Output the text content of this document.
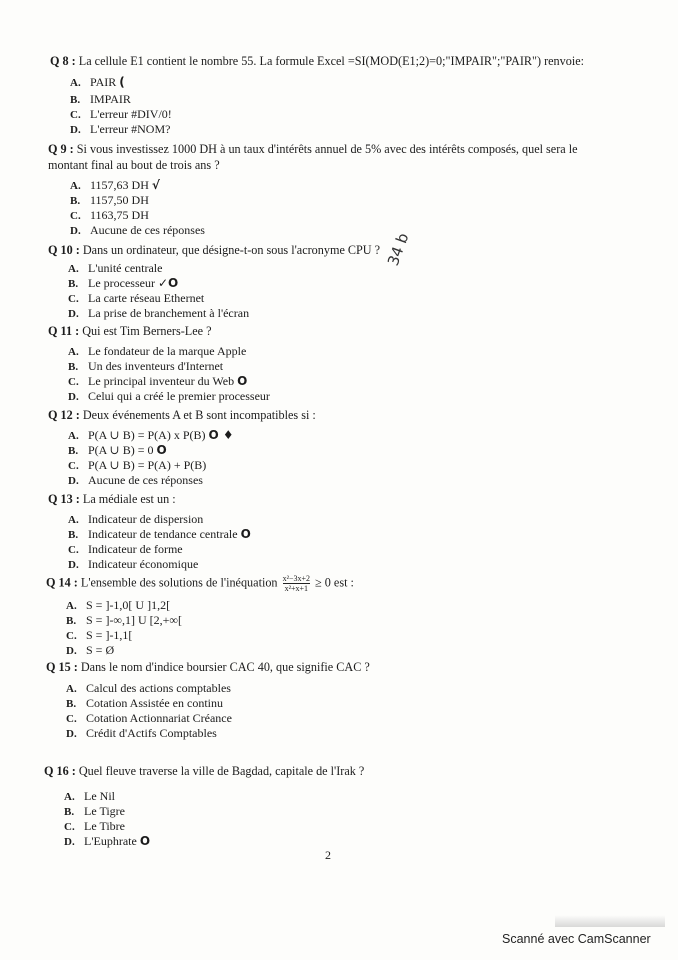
Q 8 : La cellule E1 contient le nombre 55. La formule Excel =SI(MOD(E1;2)=0;"IMPAIR";"PAIR") renvoie:
A. PAIR (
B. IMPAIR
C. L'erreur #DIV/0!
D. L'erreur #NOM?
Q 9 : Si vous investissez 1000 DH à un taux d'intérêts annuel de 5% avec des intérêts composés, quel sera le
montant final au bout de trois ans ?
A. 1157,63 DH √
B. 1157,50 DH
C. 1163,75 DH
D. Aucune de ces réponses
Q 10 : Dans un ordinateur, que désigne-t-on sous l'acronyme CPU ?
A. L'unité centrale
B. Le processeur ✓O
C. La carte réseau Ethernet
D. La prise de branchement à l'écran
34 b
Q 11 : Qui est Tim Berners-Lee ?
A. Le fondateur de la marque Apple
B. Un des inventeurs d'Internet
C. Le principal inventeur du Web O
D. Celui qui a créé le premier processeur
Q 12 : Deux événements A et B sont incompatibles si :
A. P(A ∪ B) = P(A) x P(B) O ♦
B. P(A ∪ B) = 0 O
C. P(A ∪ B) = P(A) + P(B)
D. Aucune de ces réponses
Q 13 : La médiale est un :
A. Indicateur de dispersion
B. Indicateur de tendance centrale O
C. Indicateur de forme
D. Indicateur économique
Q 14 : L'ensemble des solutions de l'inéquation $\frac{\text{x²−3x+2}}{\text{x²+x+1}} \ge 0$ est :
A. S = ]-1,0[ U ]1,2[
B. S = ]-∞,1] U [2,+∞[
C. S = ]-1,1[
D. S = Ø
Q 15 : Dans le nom d'indice boursier CAC 40, que signifie CAC ?
A. Calcul des actions comptables
B. Cotation Assistée en continu
C. Cotation Actionnariat Créance
D. Crédit d'Actifs Comptables
Q 16 : Quel fleuve traverse la ville de Bagdad, capitale de l'Irak ?
A. Le Nil
B. Le Tigre
C. Le Tibre
D. L'Euphrate O
2
Scanné avec CamScanner
